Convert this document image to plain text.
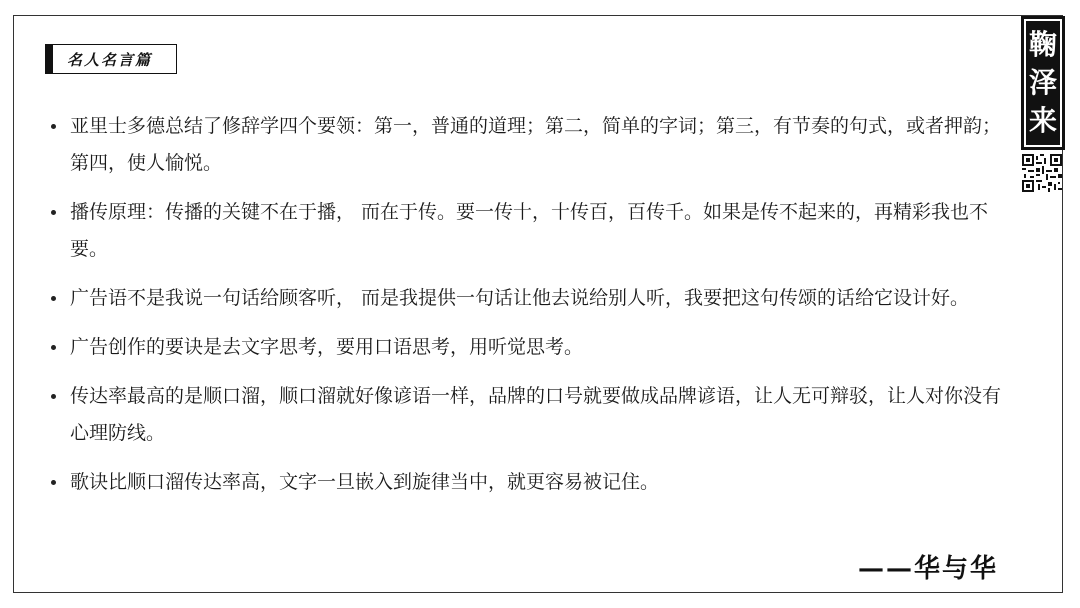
名人名言篇	鞠
泽
来
亚里士多德总结了修辞学四个要领：第一，普通的道理；第二，简单的字词；第三，有节奏的句式，或者押韵；第四，使人愉悦。
播传原理：传播的关键不在于播， 而在于传。要一传十，十传百，百传千。如果是传不起来的，再精彩我也不要。
广告语不是我说一句话给顾客听， 而是我提供一句话让他去说给别人听，我要把这句传颂的话给它设计好。
广告创作的要诀是去文字思考，要用口语思考，用听觉思考。
传达率最高的是顺口溜，顺口溜就好像谚语一样，品牌的口号就要做成品牌谚语，让人无可辩驳，让人对你没有心理防线。
歌诀比顺口溜传达率高，文字一旦嵌入到旋律当中，就更容易被记住。
——华与华
